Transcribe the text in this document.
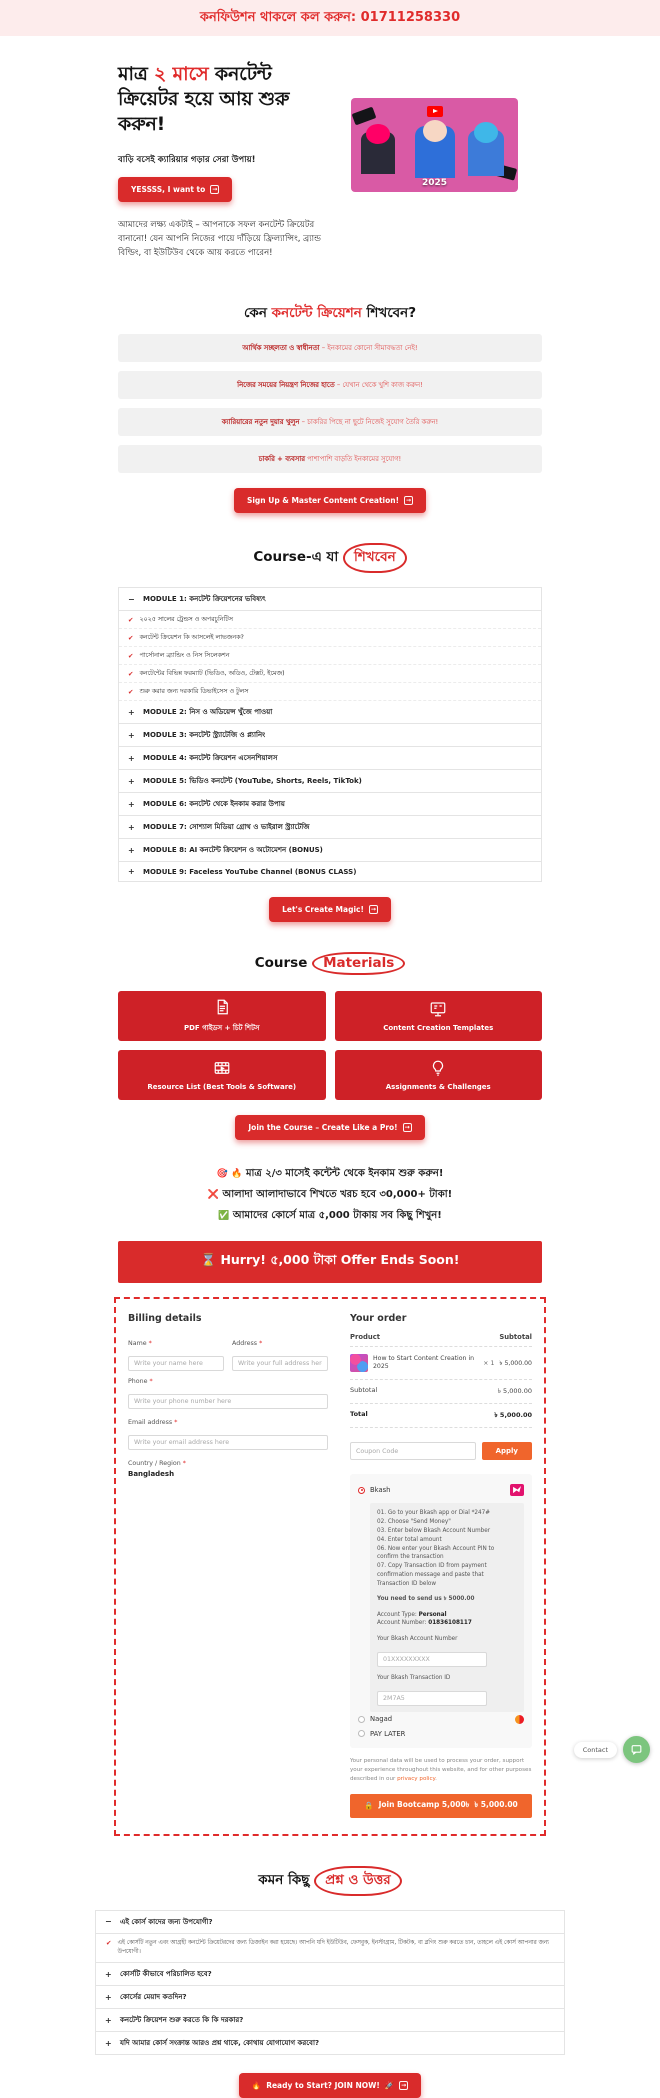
কনফিউশন থাকলে কল করুন: 01711258330
মাত্র ২ মাসে কনটেন্ট ক্রিয়েটর হয়ে আয় শুরু করুন!
বাড়ি বসেই ক্যারিয়ার গড়ার সেরা উপায়!
YESSSS, I want to	→

আমাদের লক্ষ্য একটাই – আপনাকে সফল কনটেন্ট ক্রিয়েটর বানানো! যেন আপনি নিজের পায়ে দাঁড়িয়ে ফ্রিল্যান্সিং, ব্র্যান্ড বিল্ডিং, বা ইউটিউব থেকে আয় করতে পারেন!

2025
কেন কনটেন্ট ক্রিয়েশন শিখবেন?
আর্থিক সচ্ছলতা ও স্বাধীনতা – ইনকামের কোনো সীমাবদ্ধতা নেই!
নিজের সময়ের নিয়ন্ত্রণ নিজের হাতে – যেখান থেকে খুশি কাজ করুন!
ক্যারিয়ারের নতুন দুয়ার খুলুন – চাকরির পিছে না ছুটে নিজেই সুযোগ তৈরি করুন!
চাকরি + ব্যবসার পাশাপাশি বাড়তি ইনকামের সুযোগ!
Sign Up & Master Content Creation!	→
Course-এ যা শিখবেন
− MODULE 1: কনটেন্ট ক্রিয়েশনের ভবিষ্যৎ
✔ ২০২৫ সালের ট্রেন্ডস ও অপরচুনিটিস
✔ কনটেন্ট ক্রিয়েশন কি আসলেই লাভজনক?
✔ পার্সোনাল ব্র্যান্ডিং ও নিস সিলেকশন
✔ কনটেন্টের বিভিন্ন ফরম্যাট (ভিডিও, অডিও, টেক্সট, ইমেজ)
✔ শুরু করার জন্য দরকারি ডিভাইসেস ও টুলস
+ MODULE 2: নিস ও অডিয়েন্স খুঁজে পাওয়া
+ MODULE 3: কনটেন্ট স্ট্র্যাটেজি ও প্ল্যানিং
+ MODULE 4: কনটেন্ট ক্রিয়েশন এসেনশিয়ালস
+ MODULE 5: ভিডিও কনটেন্ট (YouTube, Shorts, Reels, TikTok)
+ MODULE 6: কনটেন্ট থেকে ইনকাম করার উপায়
+ MODULE 7: সোশ্যাল মিডিয়া গ্রোথ ও ভাইরাল স্ট্র্যাটেজি
+ MODULE 8: AI কনটেন্ট ক্রিয়েশন ও অটোমেশন (BONUS)
+ MODULE 9: Faceless YouTube Channel (BONUS CLASS)
Let's Create Magic!	→
Course Materials
PDF গাইডস + চিট শিটস	Content Creation Templates
Resource List (Best Tools & Software)	Assignments & Challenges
Join the Course – Create Like a Pro!	→
🎯 🔥 মাত্র ২/৩ মাসেই কন্টেন্ট থেকে ইনকাম শুরু করুন!
❌ আলাদা আলাদাভাবে শিখতে খরচ হবে ৩0,000+ টাকা!
✅ আমাদের কোর্সে মাত্র ৫,000 টাকায় সব কিছু শিখুন!
⌛ Hurry! ৫,000 টাকা Offer Ends Soon!
Billing details
Name *
Write your name here	Address *
Write your full address here
Phone *
Write your phone number here
Email address *
Write your email address here
Country / Region *
Bangladesh
Your order
Product	Subtotal
How to Start Content Creation in 2025	× 1 ৳ 5,000.00
Subtotal	৳ 5,000.00
Total	৳ 5,000.00
Coupon Code
Apply
Bkash
01. Go to your Bkash app or Dial *247#
02. Choose "Send Money"
03. Enter below Bkash Account Number
04. Enter total amount
06. Now enter your Bkash Account PIN to confirm the transaction
07. Copy Transaction ID from payment confirmation message and paste that Transaction ID below
You need to send us ৳ 5000.00
Account Type: Personal
Account Number: 01836108117
Your Bkash Account Number
01XXXXXXXXX
Your Bkash Transaction ID
2M7A5
Nagad
PAY LATER
Your personal data will be used to process your order, support your experience throughout this website, and for other purposes described in our privacy policy.
🔒 Join Bootcamp 5,000৳ ৳ 5,000.00
কমন কিছু প্রশ্ন ও উত্তর
− এই কোর্স কাদের জন্য উপযোগী?
✔ এই কোর্সটি নতুন এবং আগ্রহী কনটেন্ট ক্রিয়েটরদের জন্য ডিজাইন করা হয়েছে। আপনি যদি ইউটিউব, ফেসবুক, ইনস্টাগ্রাম, টিকটক, বা ব্লগিং শুরু করতে চান, তাহলে এই কোর্স আপনার জন্য উপযোগী।
+ কোর্সটি কীভাবে পরিচালিত হবে?
+ কোর্সের মেয়াদ কতদিন?
+ কনটেন্ট ক্রিয়েশন শুরু করতে কি কি দরকার?
+ যদি আমার কোর্স সংক্রান্ত আরও প্রশ্ন থাকে, কোথায় যোগাযোগ করবো?
🔥 Ready to Start? JOIN NOW! 🚀	→
Contact
